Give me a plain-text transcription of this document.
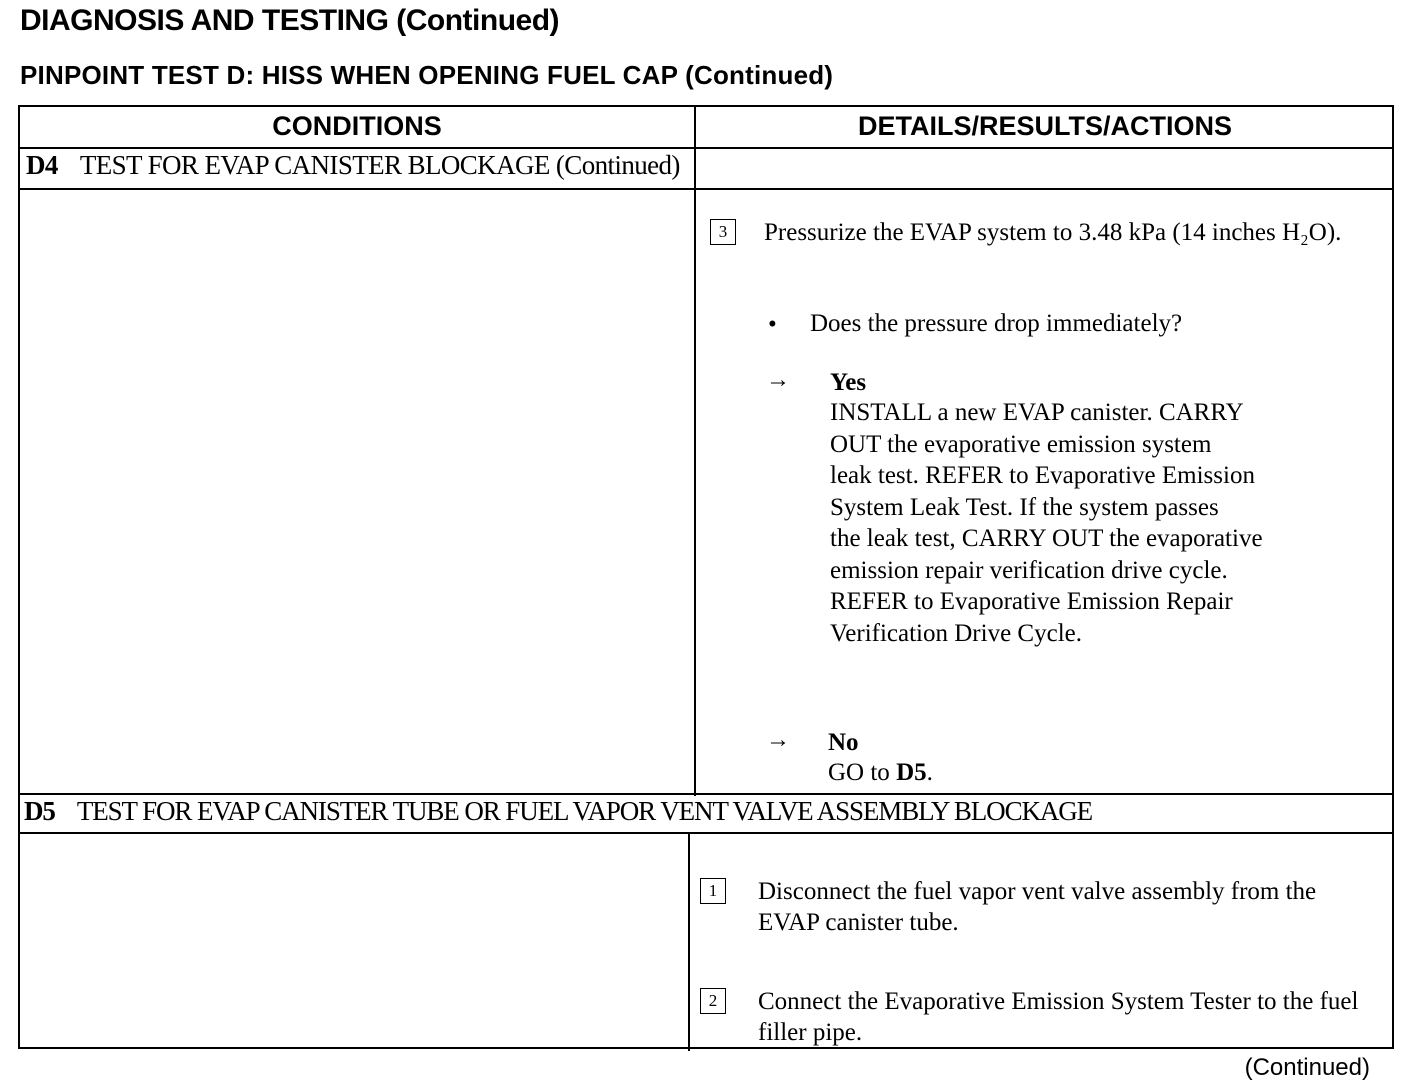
DIAGNOSIS AND TESTING (Continued)
PINPOINT TEST D: HISS WHEN OPENING FUEL CAP (Continued)
CONDITIONS	DETAILS/RESULTS/ACTIONS
D4 TEST FOR EVAP CANISTER BLOCKAGE (Continued)
3	Pressurize the EVAP system to 3.48 kPa (14 inches H₂O).
• Does the pressure drop immediately?
→ Yes
INSTALL a new EVAP canister. CARRY
OUT the evaporative emission system
leak test. REFER to Evaporative Emission
System Leak Test. If the system passes
the leak test, CARRY OUT the evaporative
emission repair verification drive cycle.
REFER to Evaporative Emission Repair
Verification Drive Cycle.
→ No
GO to D5.
D5 TEST FOR EVAP CANISTER TUBE OR FUEL VAPOR VENT VALVE ASSEMBLY BLOCKAGE
1	Disconnect the fuel vapor vent valve assembly from the EVAP canister tube.
2	Connect the Evaporative Emission System Tester to the fuel filler pipe.
(Continued)
